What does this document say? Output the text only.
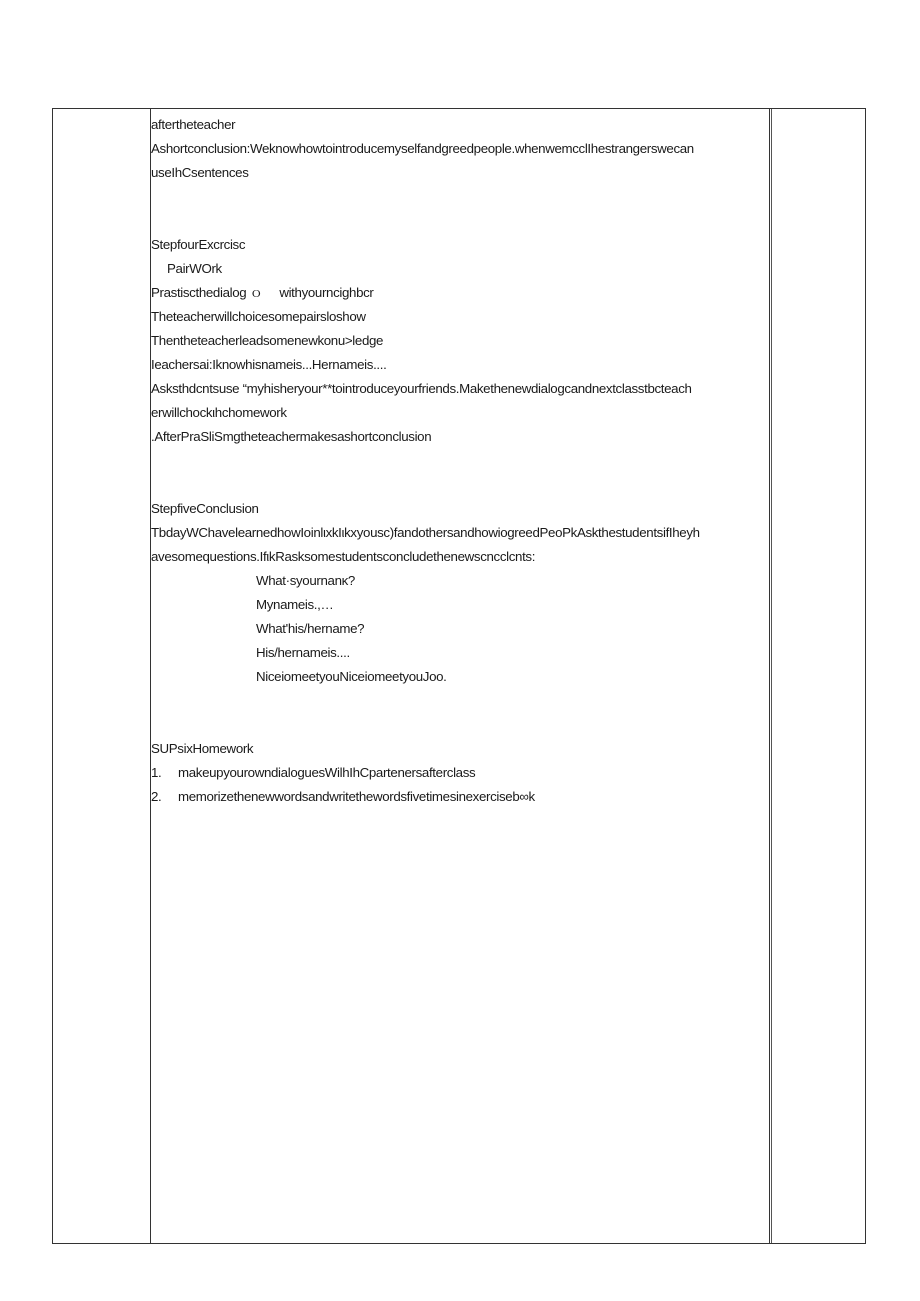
aftertheteacher
Ashortconclusion:Weknowhowtointroducemyselfandgreedpeople.whenwemcclIhestrangerswecan
useIhCsentences
StepfourExcrcisc
PairWOrk
Prastiscthedialog ｏ     withyourncighbcr
Theteacherwillchoicesomepairslοshow
Thentheteacherleadsomenewkonu>ledge
Ieachersai:Iknowhisnameis...Hernameis....
Asksthdcntsuse “myhisheryour**tointroduceyourfriends.Makethenewdialogcandnextclasstbcteach
erwillchockιhchomework
.AfterPraSliSmgtheteachermakesashortconclusion
StepfiveConclusion
TbdayWChavelearnedhowIoinlιxkIιkxyousc)fandothersandhowiogreedPeoPkAskthestudentsifIheyh
avesomequestions.IfιkRasksomestudentsconcludethenewscnсclcnts:
What·syournanκ?
Mynameis.,…
What'his/hername?
His/hernameis....
NiceiomeetyouNiceiomeetyouJoo.
SUPsixHomework
1.	makeupyourowndialoguesWilhIhCpartenersafterclass
2.	memorizethenewwordsandwritethewordsfivetimesinexerciseb∞k
